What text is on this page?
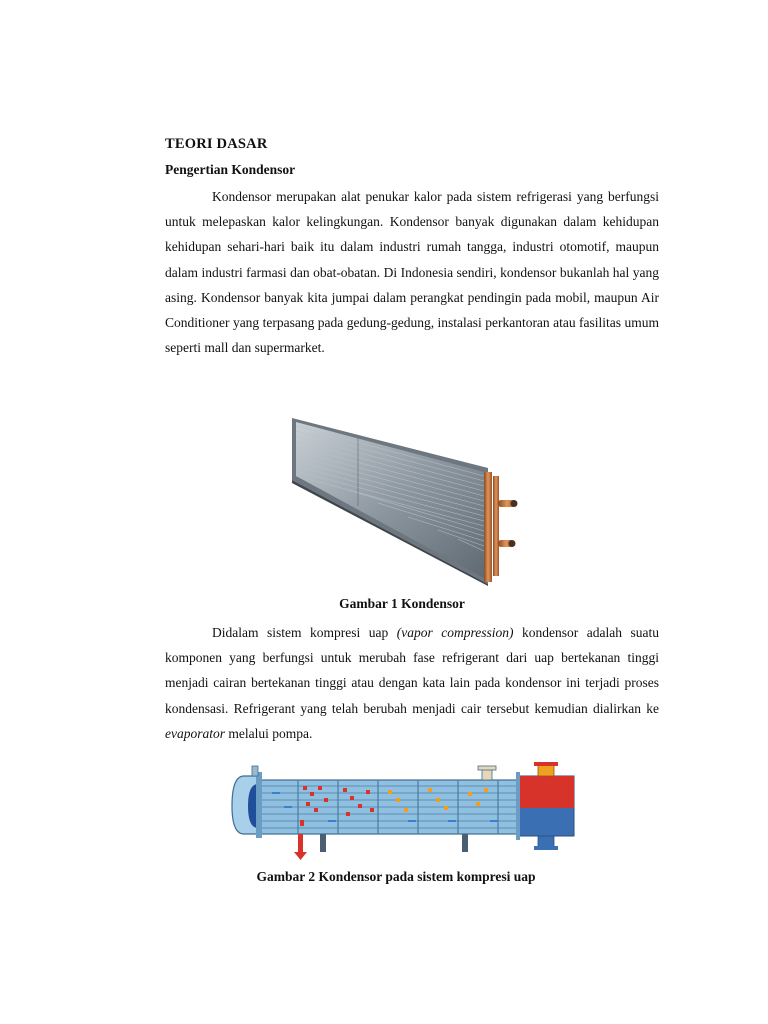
TEORI DASAR
Pengertian Kondensor
Kondensor merupakan alat penukar kalor pada sistem refrigerasi yang berfungsi untuk melepaskan kalor kelingkungan. Kondensor banyak digunakan dalam kehidupan kehidupan sehari-hari baik itu dalam industri rumah tangga, industri otomotif, maupun dalam industri farmasi dan obat-obatan. Di Indonesia sendiri, kondensor bukanlah hal yang asing. Kondensor banyak kita jumpai dalam perangkat pendingin pada mobil, maupun Air Conditioner yang terpasang pada gedung-gedung, instalasi perkantoran atau fasilitas umum seperti mall dan supermarket.
Gambar 1 Kondensor
Didalam sistem kompresi uap (vapor compression) kondensor adalah suatu komponen yang berfungsi untuk merubah fase refrigerant dari uap bertekanan tinggi menjadi cairan bertekanan tinggi atau dengan kata lain pada kondensor ini terjadi proses kondensasi. Refrigerant yang telah berubah menjadi cair tersebut kemudian dialirkan ke evaporator melalui pompa.
Gambar 2 Kondensor pada sistem kompresi uap
